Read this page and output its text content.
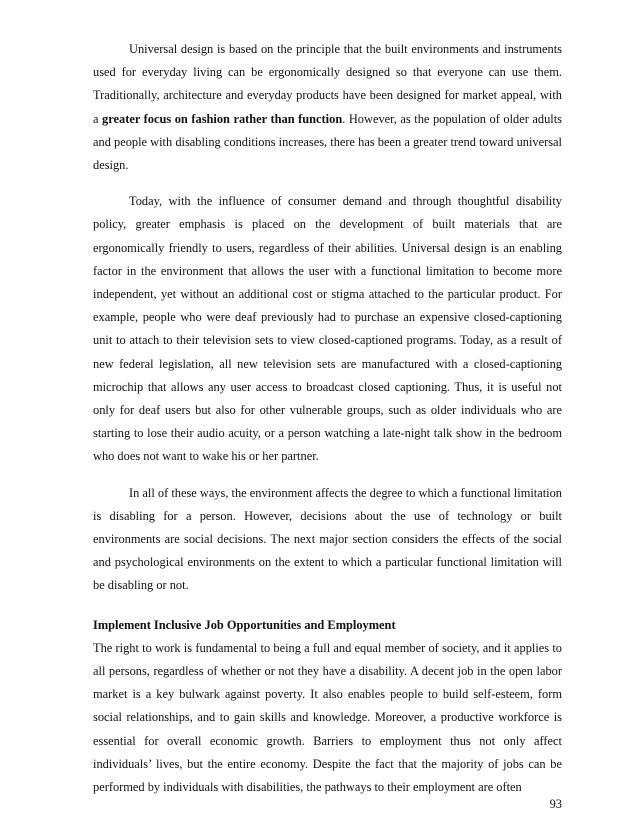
Universal design is based on the principle that the built environments and instruments used for everyday living can be ergonomically designed so that everyone can use them. Traditionally, architecture and everyday products have been designed for market appeal, with a greater focus on fashion rather than function. However, as the population of older adults and people with disabling conditions increases, there has been a greater trend toward universal design.

Today, with the influence of consumer demand and through thoughtful disability policy, greater emphasis is placed on the development of built materials that are ergonomically friendly to users, regardless of their abilities. Universal design is an enabling factor in the environment that allows the user with a functional limitation to become more independent, yet without an additional cost or stigma attached to the particular product. For example, people who were deaf previously had to purchase an expensive closed-captioning unit to attach to their television sets to view closed-captioned programs. Today, as a result of new federal legislation, all new television sets are manufactured with a closed-captioning microchip that allows any user access to broadcast closed captioning. Thus, it is useful not only for deaf users but also for other vulnerable groups, such as older individuals who are starting to lose their audio acuity, or a person watching a late-night talk show in the bedroom who does not want to wake his or her partner.

In all of these ways, the environment affects the degree to which a functional limitation is disabling for a person. However, decisions about the use of technology or built environments are social decisions. The next major section considers the effects of the social and psychological environments on the extent to which a particular functional limitation will be disabling or not.

Implement Inclusive Job Opportunities and Employment

The right to work is fundamental to being a full and equal member of society, and it applies to all persons, regardless of whether or not they have a disability. A decent job in the open labor market is a key bulwark against poverty. It also enables people to build self-esteem, form social relationships, and to gain skills and knowledge. Moreover, a productive workforce is essential for overall economic growth. Barriers to employment thus not only affect individuals’ lives, but the entire economy. Despite the fact that the majority of jobs can be performed by individuals with disabilities, the pathways to their employment are often

93
